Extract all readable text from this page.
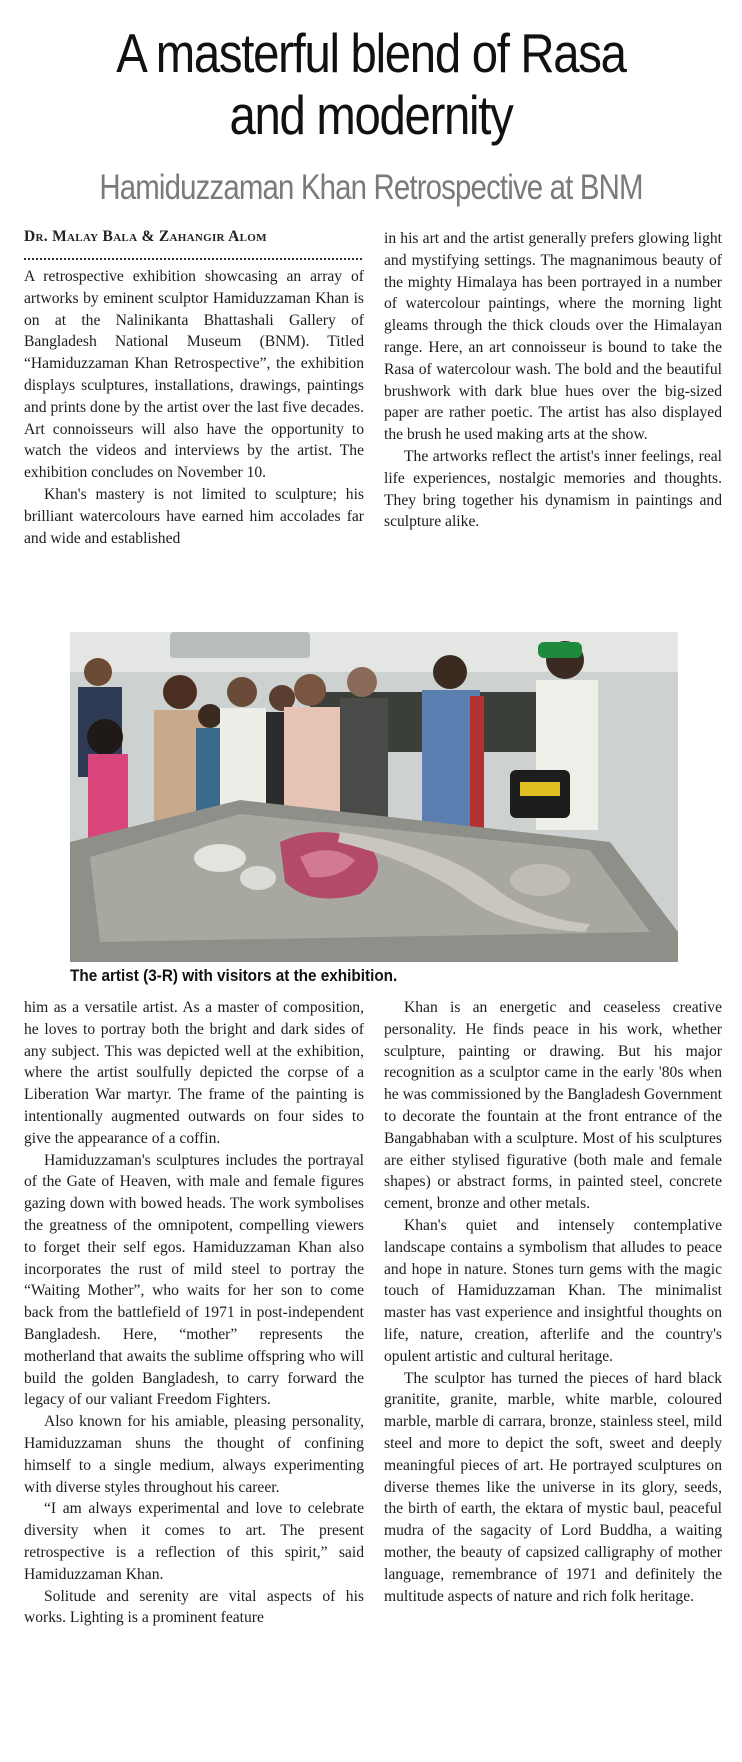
A masterful blend of Rasa
and modernity
Hamiduzzaman Khan Retrospective at BNM
Dr. Malay Bala & Zahangir Alom

A retrospective exhibition showcasing an array of artworks by eminent sculptor Hamiduzzaman Khan is on at the Nalinikanta Bhattashali Gallery of Bangladesh National Museum (BNM). Titled “Hamiduzzaman Khan Retrospective”, the exhibition displays sculptures, installations, drawings, paintings and prints done by the artist over the last five decades. Art connoisseurs will also have the opportunity to watch the videos and interviews by the artist. The exhibition concludes on November 10.

Khan's mastery is not limited to sculpture; his brilliant watercolours have earned him accolades far and wide and established

in his art and the artist generally prefers glowing light and mystifying settings. The magnanimous beauty of the mighty Himalaya has been portrayed in a number of watercolour paintings, where the morning light gleams through the thick clouds over the Himalayan range. Here, an art connoisseur is bound to take the Rasa of watercolour wash. The bold and the beautiful brushwork with dark blue hues over the big-sized paper are rather poetic. The artist has also displayed the brush he used making arts at the show.

The artworks reflect the artist's inner feelings, real life experiences, nostalgic memories and thoughts. They bring together his dynamism in paintings and sculpture alike.

The artist (3-R) with visitors at the exhibition.

him as a versatile artist. As a master of composition, he loves to portray both the bright and dark sides of any subject. This was depicted well at the exhibition, where the artist soulfully depicted the corpse of a Liberation War martyr. The frame of the painting is intentionally augmented outwards on four sides to give the appearance of a coffin.

Hamiduzzaman's sculptures includes the portrayal of the Gate of Heaven, with male and female figures gazing down with bowed heads. The work symbolises the greatness of the omnipotent, compelling viewers to forget their self egos. Hamiduzzaman Khan also incorporates the rust of mild steel to portray the “Waiting Mother”, who waits for her son to come back from the battlefield of 1971 in post-independent Bangladesh. Here, “mother” represents the motherland that awaits the sublime offspring who will build the golden Bangladesh, to carry forward the legacy of our valiant Freedom Fighters.

Also known for his amiable, pleasing personality, Hamiduzzaman shuns the thought of confining himself to a single medium, always experimenting with diverse styles throughout his career.

“I am always experimental and love to celebrate diversity when it comes to art. The present retrospective is a reflection of this spirit,” said Hamiduzzaman Khan.

Solitude and serenity are vital aspects of his works. Lighting is a prominent feature

Khan is an energetic and ceaseless creative personality. He finds peace in his work, whether sculpture, painting or drawing. But his major recognition as a sculptor came in the early '80s when he was commissioned by the Bangladesh Government to decorate the fountain at the front entrance of the Bangabhaban with a sculpture. Most of his sculptures are either stylised figurative (both male and female shapes) or abstract forms, in painted steel, concrete cement, bronze and other metals.

Khan's quiet and intensely contemplative landscape contains a symbolism that alludes to peace and hope in nature. Stones turn gems with the magic touch of Hamiduzzaman Khan. The minimalist master has vast experience and insightful thoughts on life, nature, creation, afterlife and the country's opulent artistic and cultural heritage.

The sculptor has turned the pieces of hard black granitite, granite, marble, white marble, coloured marble, marble di carrara, bronze, stainless steel, mild steel and more to depict the soft, sweet and deeply meaningful pieces of art. He portrayed sculptures on diverse themes like the universe in its glory, seeds, the birth of earth, the ektara of mystic baul, peaceful mudra of the sagacity of Lord Buddha, a waiting mother, the beauty of capsized calligraphy of mother language, remembrance of 1971 and definitely the multitude aspects of nature and rich folk heritage.
